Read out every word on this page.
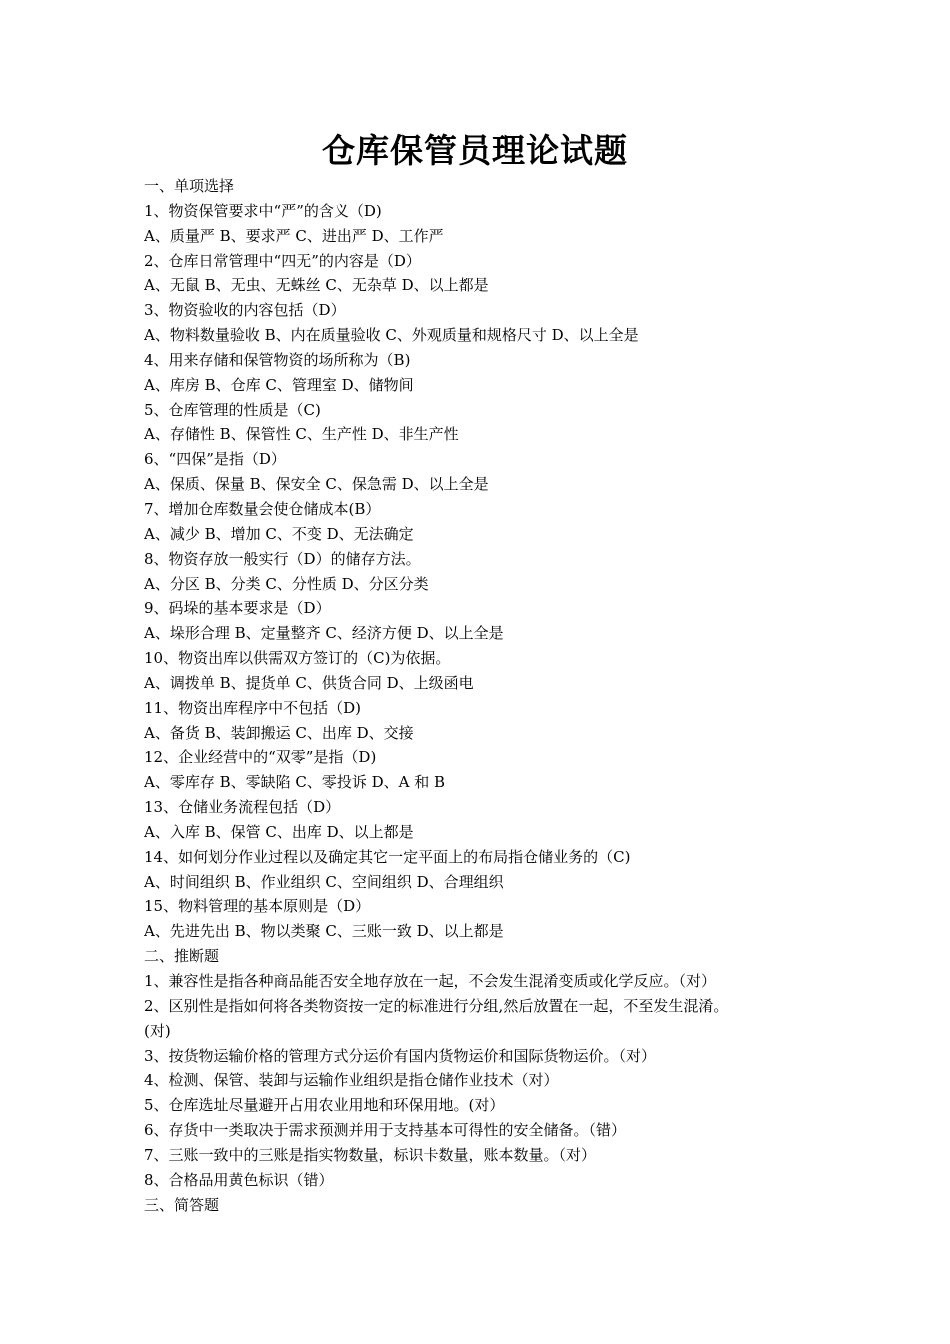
仓库保管员理论试题
一、单项选择
1、物资保管要求中“严”的含义（D)
A、质量严 B、要求严 C、进出严 D、工作严
2、仓库日常管理中“四无”的内容是（D）
A、无鼠 B、无虫、无蛛丝 C、无杂草 D、以上都是
3、物资验收的内容包括（D）
A、物料数量验收 B、内在质量验收 C、外观质量和规格尺寸 D、以上全是
4、用来存储和保管物资的场所称为（B)
A、库房 B、仓库 C、管理室 D、储物间
5、仓库管理的性质是（C)
A、存储性 B、保管性 C、生产性 D、非生产性
6、“四保”是指（D）
A、保质、保量 B、保安全 C、保急需 D、以上全是
7、增加仓库数量会使仓储成本(B）
A、减少 B、增加 C、不变 D、无法确定
8、物资存放一般实行（D）的储存方法。
A、分区 B、分类 C、分性质 D、分区分类
9、码垛的基本要求是（D）
A、垛形合理 B、定量整齐 C、经济方便 D、以上全是
10、物资出库以供需双方签订的（C)为依据。
A、调拨单 B、提货单 C、供货合同 D、上级函电
11、物资出库程序中不包括（D)
A、备货 B、装卸搬运 C、出库 D、交接
12、企业经营中的“双零”是指（D)
A、零库存 B、零缺陷 C、零投诉 D、A 和 B
13、仓储业务流程包括（D）
A、入库 B、保管 C、出库 D、以上都是
14、如何划分作业过程以及确定其它一定平面上的布局指仓储业务的（C)
A、时间组织 B、作业组织 C、空间组织 D、合理组织
15、物料管理的基本原则是（D）
A、先进先出 B、物以类聚 C、三账一致 D、以上都是
二、推断题
1、兼容性是指各种商品能否安全地存放在一起，不会发生混淆变质或化学反应。（对）
2、区别性是指如何将各类物资按一定的标准进行分组,然后放置在一起，不至发生混淆。
(对)
3、按货物运输价格的管理方式分运价有国内货物运价和国际货物运价。（对）
4、检测、保管、装卸与运输作业组织是指仓储作业技术（对）
5、仓库选址尽量避开占用农业用地和环保用地。(对）
6、存货中一类取决于需求预测并用于支持基本可得性的安全储备。（错）
7、三账一致中的三账是指实物数量，标识卡数量，账本数量。（对）
8、合格品用黄色标识（错）
三、简答题
